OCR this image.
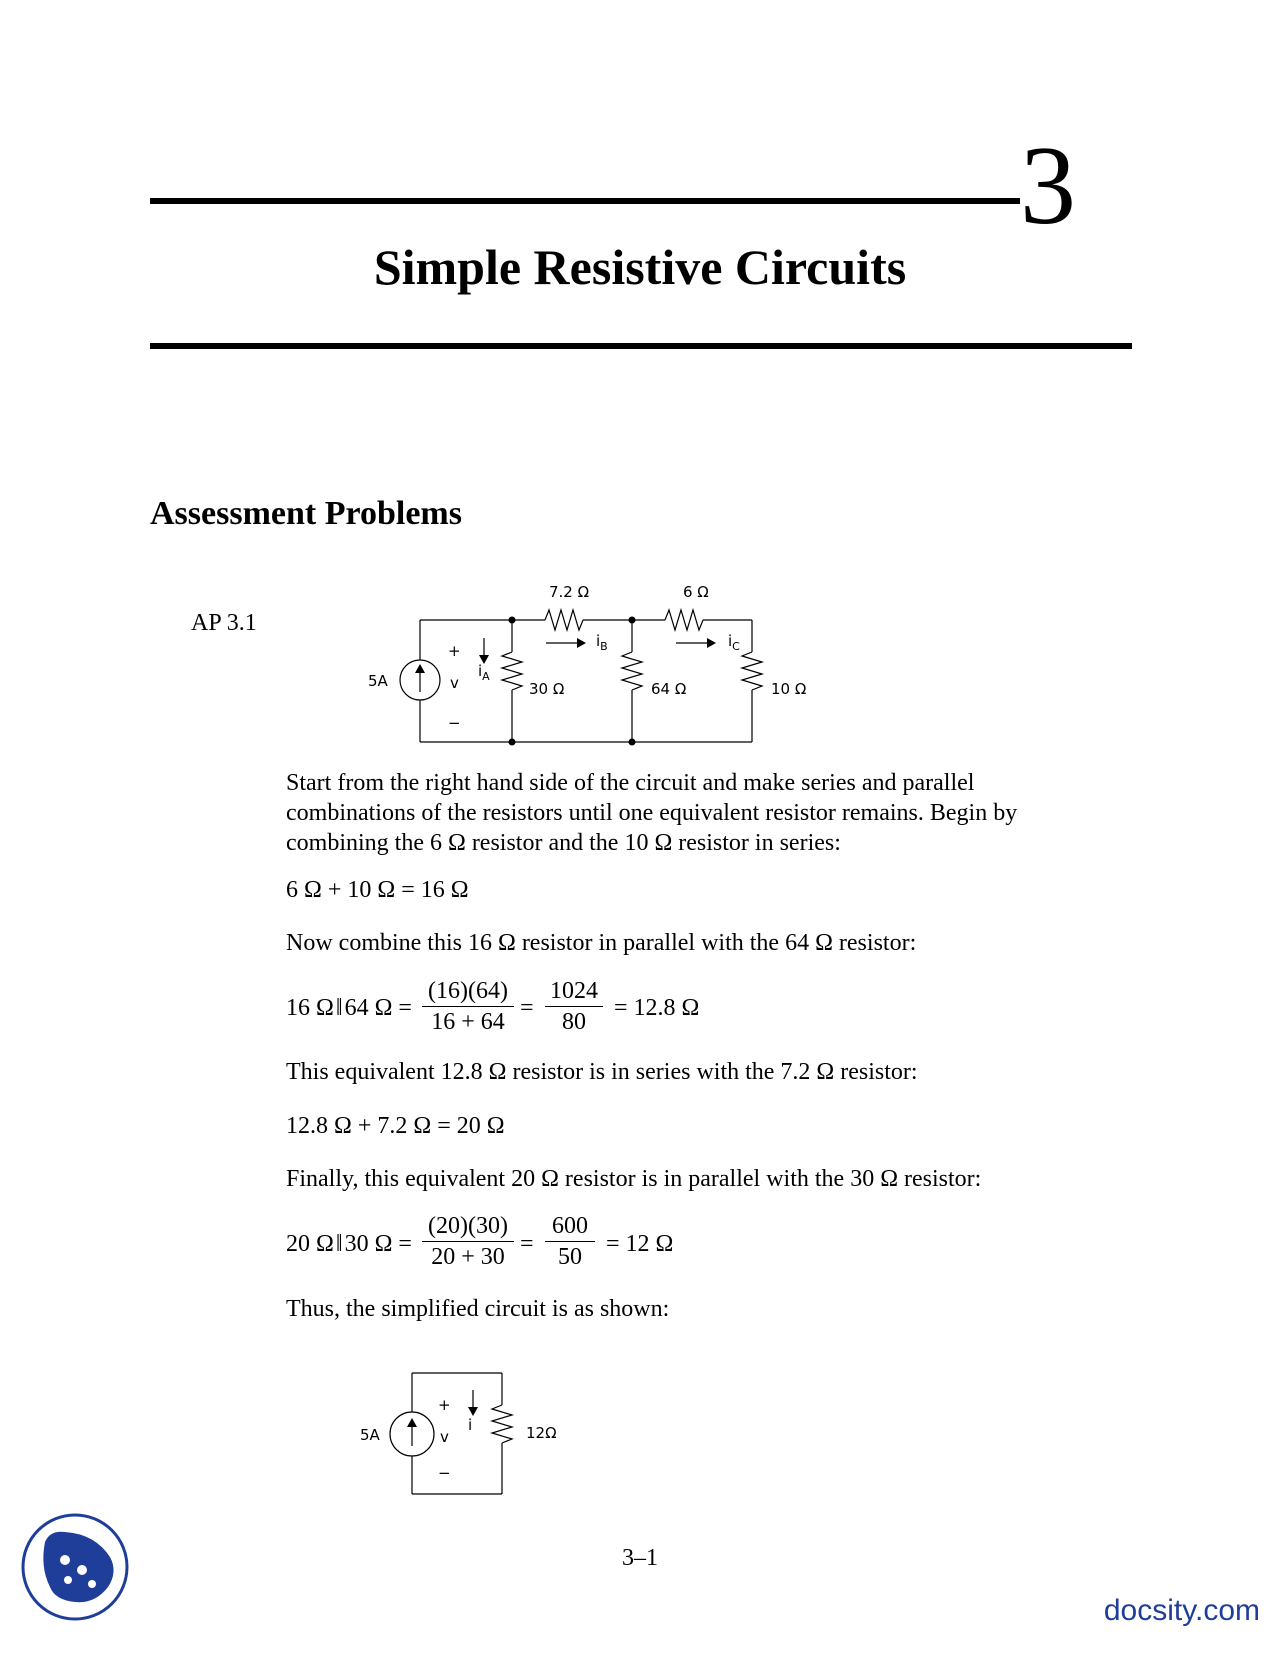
3
Simple Resistive Circuits
Assessment Problems
AP 3.1
7.2 Ω	6 Ω
30 Ω	64 Ω	10 Ω
5A	v
+
−
$i_A$
$i_B$	$i_C$
Start from the right hand side of the circuit and make series and parallel combinations of the resistors until one equivalent resistor remains. Begin by combining the 6 Ω resistor and the 10 Ω resistor in series:
6 Ω + 10 Ω = 16 Ω
Now combine this 16 Ω resistor in parallel with the 64 Ω resistor:
16 Ω ‖ 64 Ω =
(16)(64)
16 + 64
=
1024
80
= 12.8 Ω
This equivalent 12.8 Ω resistor is in series with the 7.2 Ω resistor:
12.8 Ω + 7.2 Ω = 20 Ω
Finally, this equivalent 20 Ω resistor is in parallel with the 30 Ω resistor:
20 Ω ‖ 30 Ω =
(20)(30)
20 + 30 =
600
50	= 12 Ω
Thus, the simplified circuit is as shown:
5A	v
+
−
i	12Ω
3–1
docsity.com
